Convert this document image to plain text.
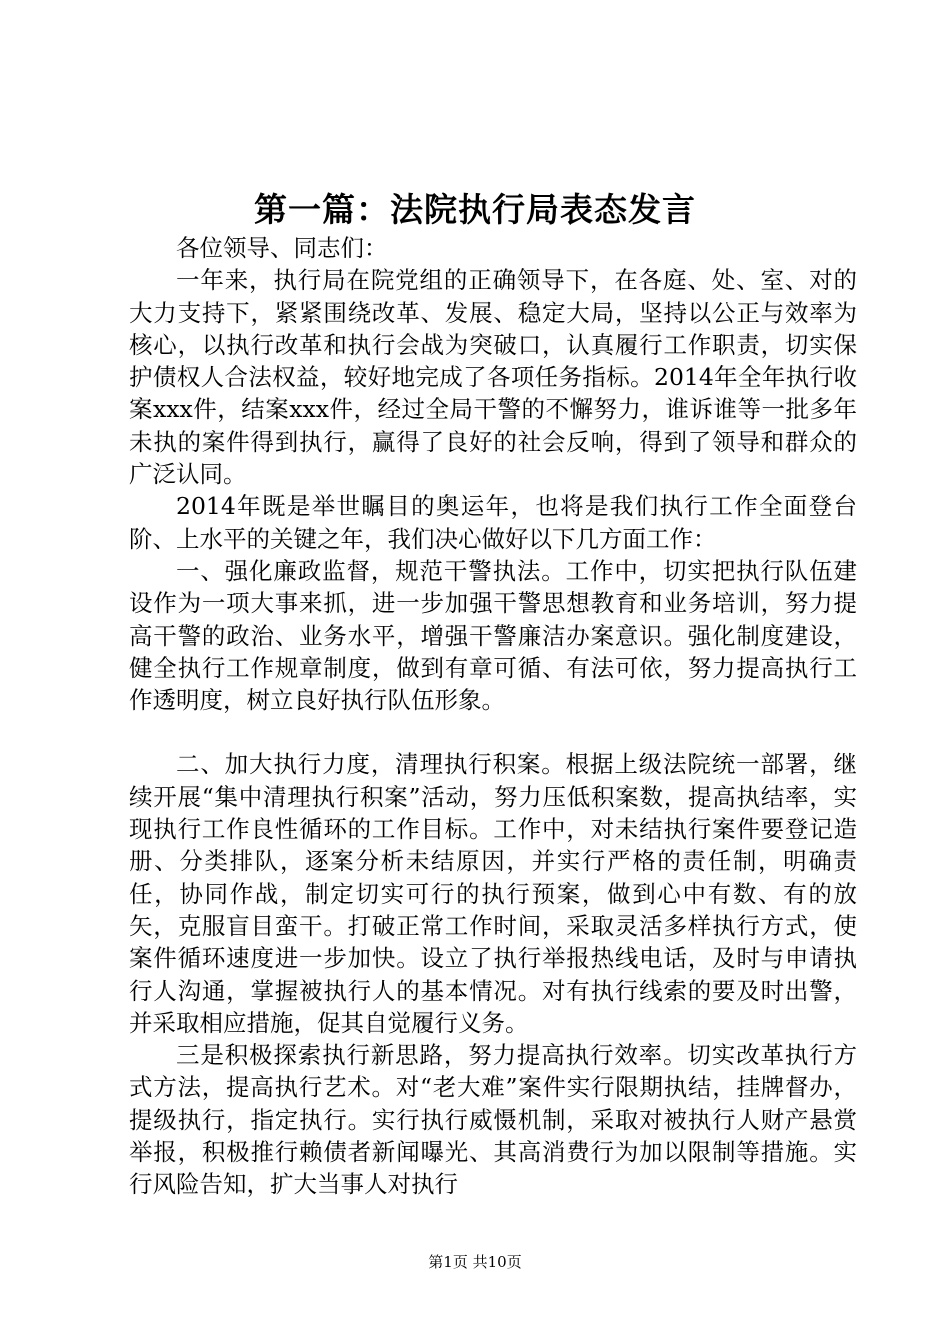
第一篇：法院执行局表态发言

各位领导、同志们：

一年来，执行局在院党组的正确领导下，在各庭、处、室、对的大力支持下，紧紧围绕改革、发展、稳定大局，坚持以公正与效率为核心，以执行改革和执行会战为突破口，认真履行工作职责，切实保护债权人合法权益，较好地完成了各项任务指标。2014年全年执行收案xxx件，结案xxx件，经过全局干警的不懈努力，谁诉谁等一批多年未执的案件得到执行，赢得了良好的社会反响，得到了领导和群众的广泛认同。

2014年既是举世瞩目的奥运年，也将是我们执行工作全面登台阶、上水平的关键之年，我们决心做好以下几方面工作：

一、强化廉政监督，规范干警执法。工作中，切实把执行队伍建设作为一项大事来抓，进一步加强干警思想教育和业务培训，努力提高干警的政治、业务水平，增强干警廉洁办案意识。强化制度建设，健全执行工作规章制度，做到有章可循、有法可依，努力提高执行工作透明度，树立良好执行队伍形象。

二、加大执行力度，清理执行积案。根据上级法院统一部署，继续开展“集中清理执行积案”活动，努力压低积案数，提高执结率，实现执行工作良性循环的工作目标。工作中，对未结执行案件要登记造册、分类排队，逐案分析未结原因，并实行严格的责任制，明确责任，协同作战，制定切实可行的执行预案，做到心中有数、有的放矢，克服盲目蛮干。打破正常工作时间，采取灵活多样执行方式，使案件循环速度进一步加快。设立了执行举报热线电话，及时与申请执行人沟通，掌握被执行人的基本情况。对有执行线索的要及时出警，并采取相应措施，促其自觉履行义务。

三是积极探索执行新思路，努力提高执行效率。切实改革执行方式方法，提高执行艺术。对“老大难”案件实行限期执结，挂牌督办，提级执行，指定执行。实行执行威慑机制，采取对被执行人财产悬赏举报，积极推行赖债者新闻曝光、其高消费行为加以限制等措施。实行风险告知，扩大当事人对执行

第1页 共10页
